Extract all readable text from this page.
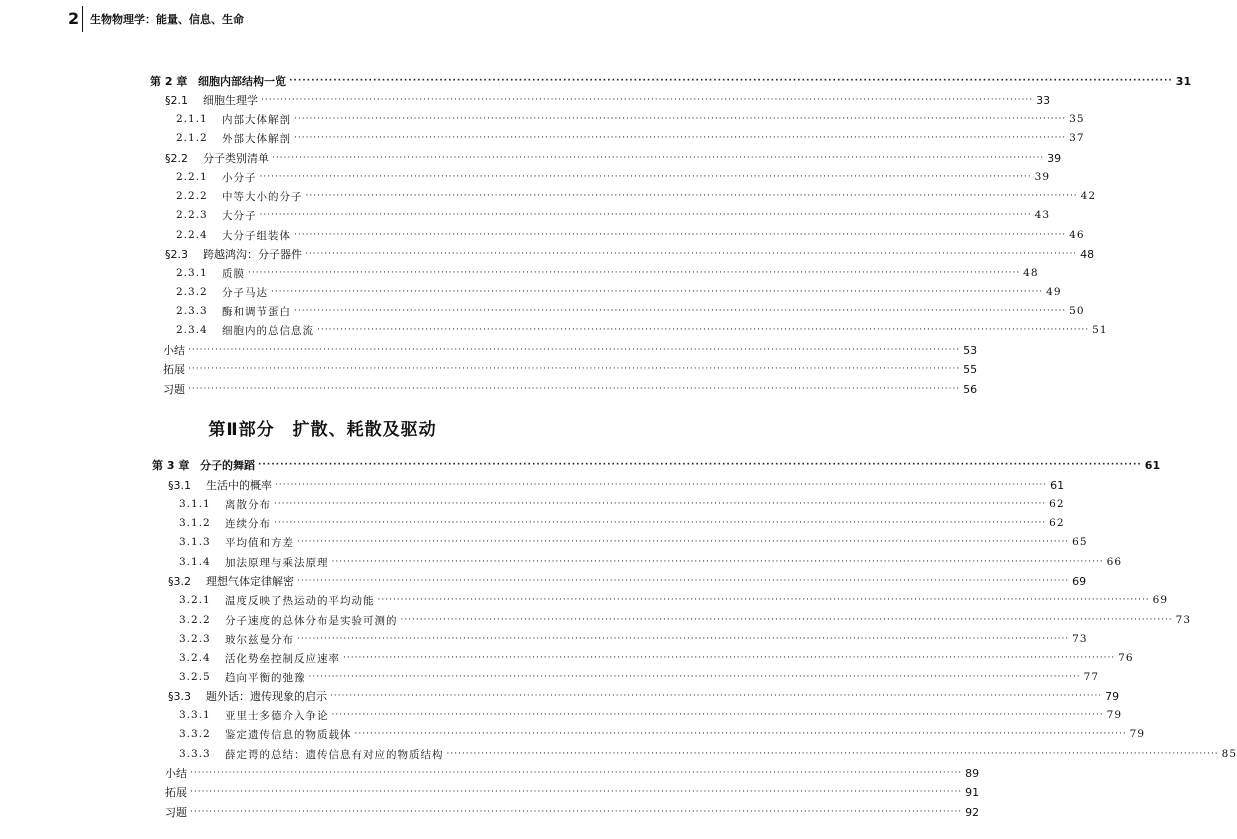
2 生物物理学：能量、信息、生命
第Ⅱ部分　扩散、耗散及驱动
第 2 章 细胞内部结构一览 ········································································································································································································ 31
§2.1	细胞生理学 ········································································································································································································ 33
2.1.1	内部大体解剖 ········································································································································································································ 35
2.1.2	外部大体解剖 ········································································································································································································ 37
§2.2	分子类别清单 ········································································································································································································ 39
2.2.1	小分子 ········································································································································································································ 39
2.2.2	中等大小的分子 ········································································································································································································ 42
2.2.3	大分子 ········································································································································································································ 43
2.2.4	大分子组装体 ········································································································································································································ 46
§2.3	跨越鸿沟：分子器件 ········································································································································································································ 48
2.3.1	质膜 ········································································································································································································ 48
2.3.2	分子马达 ········································································································································································································ 49
2.3.3	酶和调节蛋白 ········································································································································································································ 50
2.3.4	细胞内的总信息流 ········································································································································································································ 51
小结 ········································································································································································································ 53
拓展 ········································································································································································································ 55
习题 ········································································································································································································ 56
第 3 章 分子的舞蹈 ········································································································································································································ 61
§3.1	生活中的概率 ········································································································································································································ 61
3.1.1	离散分布 ········································································································································································································ 62
3.1.2	连续分布 ········································································································································································································ 62
3.1.3	平均值和方差 ········································································································································································································ 65
3.1.4	加法原理与乘法原理 ········································································································································································································ 66
§3.2	理想气体定律解密 ········································································································································································································ 69
3.2.1	温度反映了热运动的平均动能 ········································································································································································································ 69
3.2.2	分子速度的总体分布是实验可测的 ········································································································································································································ 73
3.2.3	玻尔兹曼分布 ········································································································································································································ 73
3.2.4	活化势垒控制反应速率 ········································································································································································································ 76
3.2.5	趋向平衡的弛豫 ········································································································································································································ 77
§3.3	题外话：遗传现象的启示 ········································································································································································································ 79
3.3.1	亚里士多德介入争论 ········································································································································································································ 79
3.3.2	鉴定遗传信息的物质载体 ········································································································································································································ 79
3.3.3	薛定谔的总结：遗传信息有对应的物质结构 ········································································································································································································ 85
小结 ········································································································································································································ 89
拓展 ········································································································································································································ 91
习题 ········································································································································································································ 92
